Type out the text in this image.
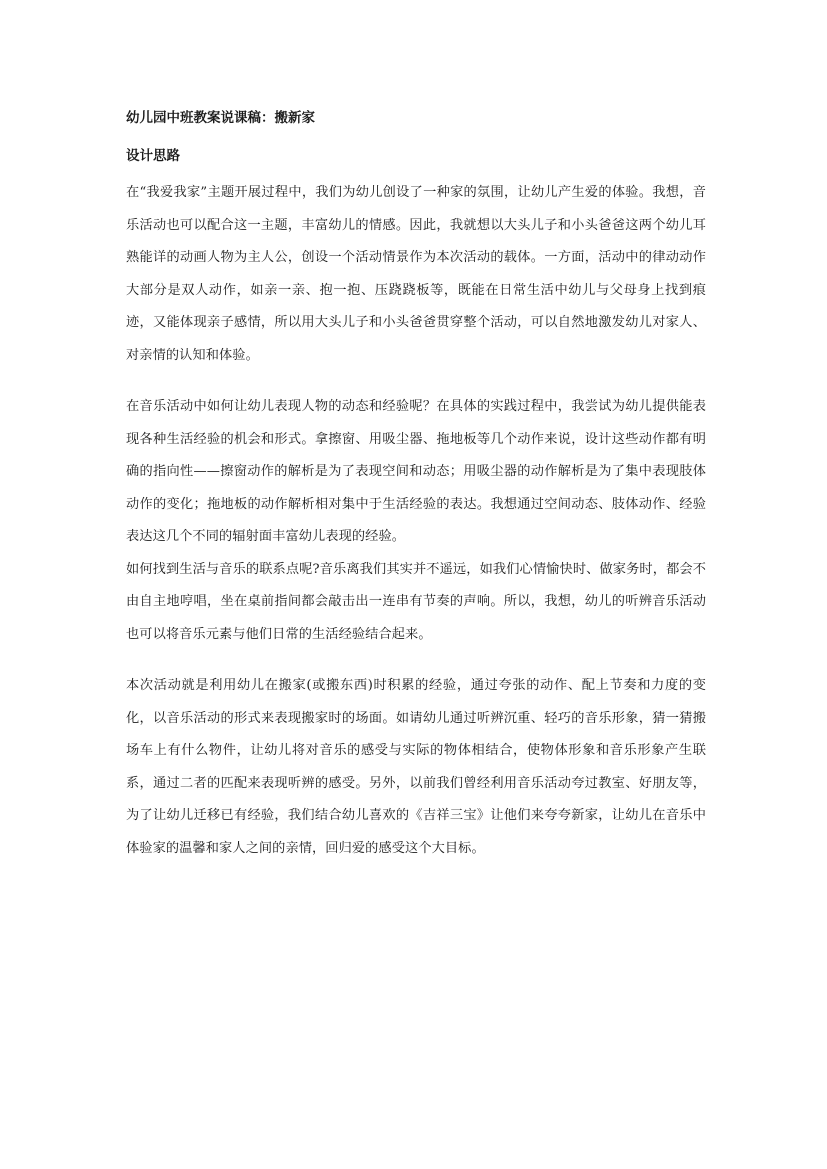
幼儿园中班教案说课稿：搬新家
设计思路

在“我爱我家”主题开展过程中，我们为幼儿创设了一种家的氛围，让幼儿产生爱的体验。我想，音乐活动也可以配合这一主题，丰富幼儿的情感。因此，我就想以大头儿子和小头爸爸这两个幼儿耳熟能详的动画人物为主人公，创设一个活动情景作为本次活动的载体。一方面，活动中的律动动作大部分是双人动作，如亲一亲、抱一抱、压跷跷板等，既能在日常生活中幼儿与父母身上找到痕迹，又能体现亲子感情，所以用大头儿子和小头爸爸贯穿整个活动，可以自然地激发幼儿对家人、对亲情的认知和体验。

在音乐活动中如何让幼儿表现人物的动态和经验呢？在具体的实践过程中，我尝试为幼儿提供能表现各种生活经验的机会和形式。拿擦窗、用吸尘器、拖地板等几个动作来说，设计这些动作都有明确的指向性——擦窗动作的解析是为了表现空间和动态；用吸尘器的动作解析是为了集中表现肢体动作的变化；拖地板的动作解析相对集中于生活经验的表达。我想通过空间动态、肢体动作、经验表达这几个不同的辐射面丰富幼儿表现的经验。

如何找到生活与音乐的联系点呢?音乐离我们其实并不遥远，如我们心情愉快时、做家务时，都会不由自主地哼唱，坐在桌前指间都会敲击出一连串有节奏的声响。所以，我想，幼儿的听辨音乐活动也可以将音乐元素与他们日常的生活经验结合起来。

本次活动就是利用幼儿在搬家(或搬东西)时积累的经验，通过夸张的动作、配上节奏和力度的变化，以音乐活动的形式来表现搬家时的场面。如请幼儿通过听辨沉重、轻巧的音乐形象，猜一猜搬场车上有什么物件，让幼儿将对音乐的感受与实际的物体相结合，使物体形象和音乐形象产生联系，通过二者的匹配来表现听辨的感受。另外，以前我们曾经利用音乐活动夸过教室、好朋友等，为了让幼儿迁移已有经验，我们结合幼儿喜欢的《吉祥三宝》让他们来夸夸新家，让幼儿在音乐中体验家的温馨和家人之间的亲情，回归爱的感受这个大目标。
